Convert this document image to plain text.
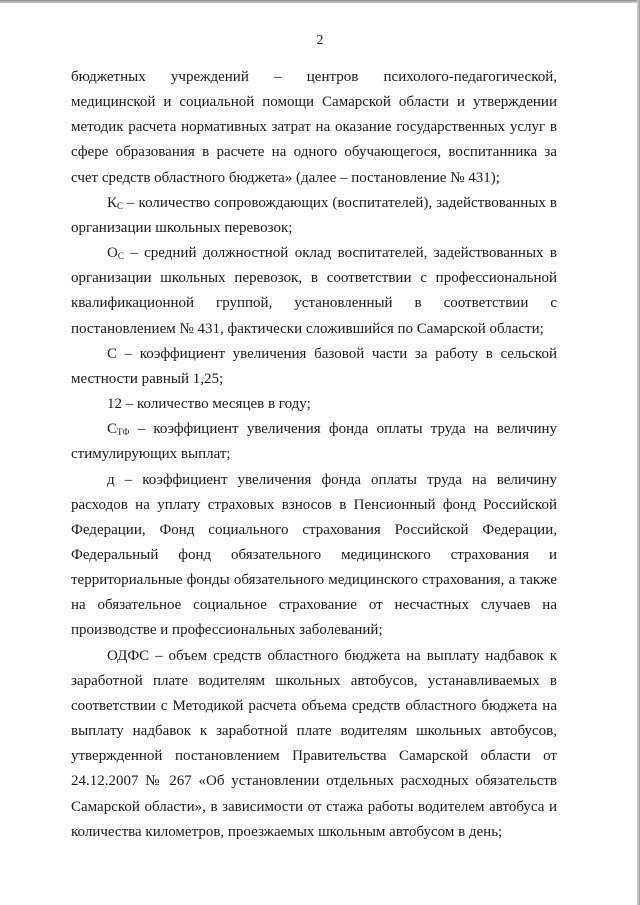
2

бюджетных учреждений – центров психолого-педагогической, медицинской и социальной помощи Самарской области и утверждении методик расчета нормативных затрат на оказание государственных услуг в сфере образования в расчете на одного обучающегося, воспитанника за счет средств областного бюджета» (далее – постановление № 431);

$К_С$ – количество сопровождающих (воспитателей), задействованных в организации школьных перевозок;

$О_С$ – средний должностной оклад воспитателей, задействованных в организации школьных перевозок, в соответствии с профессиональной квалификационной группой, установленный в соответствии с постановлением № 431, фактически сложившийся по Самарской области;

С – коэффициент увеличения базовой части за работу в сельской местности равный 1,25;

12 – количество месяцев в году;

$С_{ТФ}$ – коэффициент увеличения фонда оплаты труда на величину стимулирующих выплат;

д – коэффициент увеличения фонда оплаты труда на величину расходов на уплату страховых взносов в Пенсионный фонд Российской Федерации, Фонд социального страхования Российской Федерации, Федеральный фонд обязательного медицинского страхования и территориальные фонды обязательного медицинского страхования, а также на обязательное социальное страхование от несчастных случаев на производстве и профессиональных заболеваний;

ОДФС – объем средств областного бюджета на выплату надбавок к заработной плате водителям школьных автобусов, устанавливаемых в соответствии с Методикой расчета объема средств областного бюджета на выплату надбавок к заработной плате водителям школьных автобусов, утвержденной постановлением Правительства Самарской области от 24.12.2007 № 267 «Об установлении отдельных расходных обязательств Самарской области», в зависимости от стажа работы водителем автобуса и количества километров, проезжаемых школьным автобусом в день;
